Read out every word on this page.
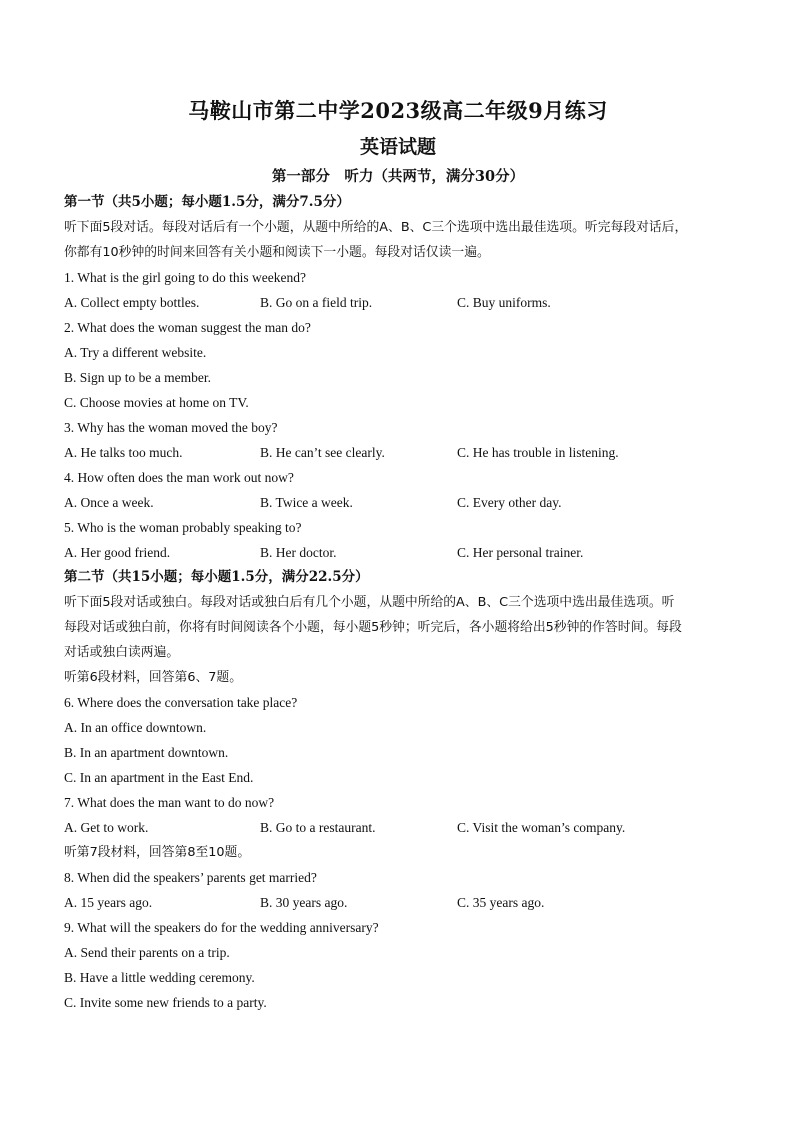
马鞍山市第二中学2023级高二年级9月练习
英语试题
第一部分　听力（共两节，满分30分）
第一节（共5小题；每小题1.5分，满分7.5分）
听下面5段对话。每段对话后有一个小题，从题中所给的A、B、C三个选项中选出最佳选项。听完每段对话后，
你都有10秒钟的时间来回答有关小题和阅读下一小题。每段对话仅读一遍。
1. What is the girl going to do this weekend?
A. Collect empty bottles.	B. Go on a field trip.	C. Buy uniforms.
2. What does the woman suggest the man do?
A. Try a different website.
B. Sign up to be a member.
C. Choose movies at home on TV.
3. Why has the woman moved the boy?
A. He talks too much.	B. He can’t see clearly.	C. He has trouble in listening.
4. How often does the man work out now?
A. Once a week.	B. Twice a week.	C. Every other day.
5. Who is the woman probably speaking to?
A. Her good friend.	B. Her doctor.	C. Her personal trainer.
第二节（共15小题；每小题1.5分，满分22.5分）
听下面5段对话或独白。每段对话或独白后有几个小题，从题中所给的A、B、C三个选项中选出最佳选项。听
每段对话或独白前，你将有时间阅读各个小题，每小题5秒钟；听完后，各小题将给出5秒钟的作答时间。每段
对话或独白读两遍。
听第6段材料，回答第6、7题。
6. Where does the conversation take place?
A. In an office downtown.
B. In an apartment downtown.
C. In an apartment in the East End.
7. What does the man want to do now?
A. Get to work.	B. Go to a restaurant.	C. Visit the woman’s company.
听第7段材料，回答第8至10题。
8. When did the speakers’ parents get married?
A. 15 years ago.	B. 30 years ago.	C. 35 years ago.
9. What will the speakers do for the wedding anniversary?
A. Send their parents on a trip.
B. Have a little wedding ceremony.
C. Invite some new friends to a party.
